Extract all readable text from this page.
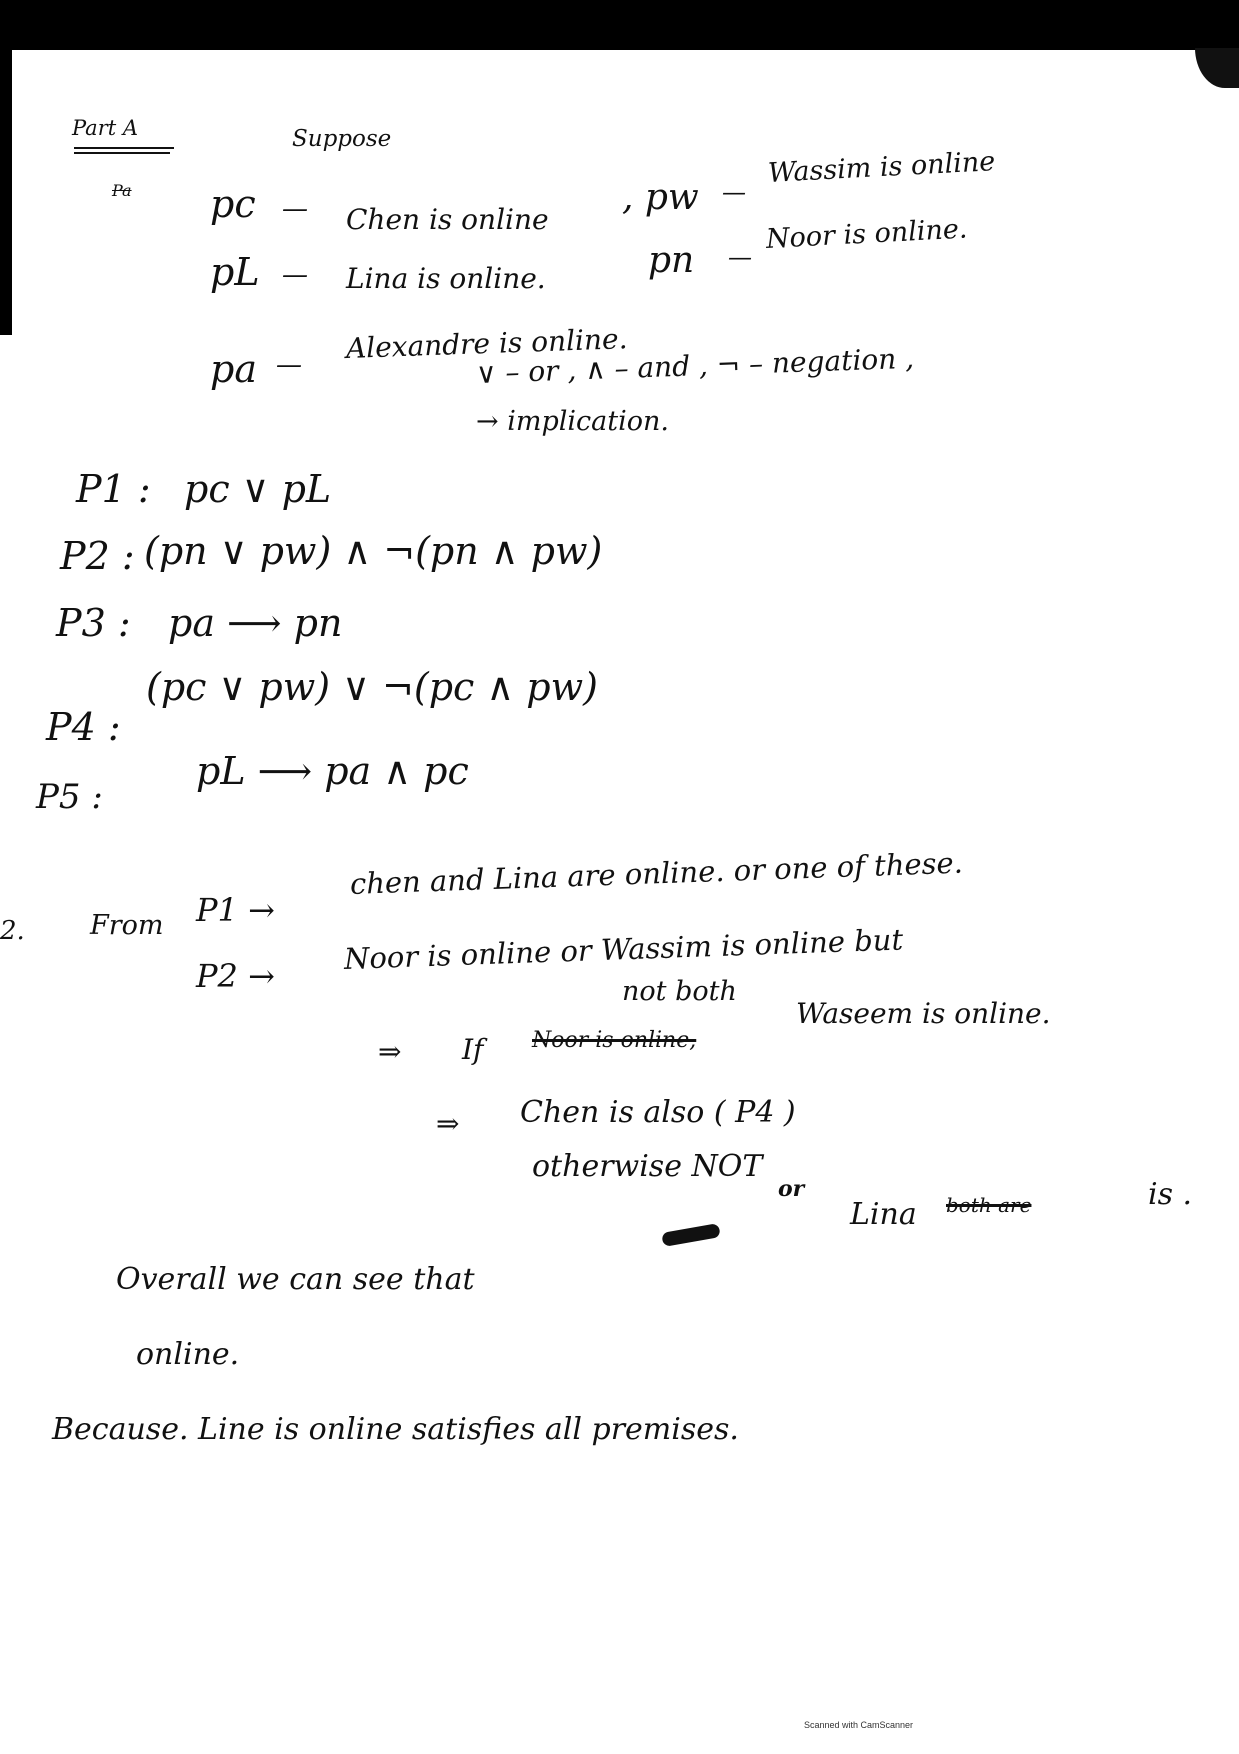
Part A	Suppose
Pa pc — Chen is online
, pw —
Wassim is online
pL — Lina is online.	pn —
Noor is online.
pa —
Alexandre is online.
∨ – or , ∧ – and , ¬ – negation ,
→ implication.
P1 : pc ∨ pL
P2 : (pn ∨ pw) ∧ ¬(pn ∧ pw)
P3 : pa ⟶ pn
P4 :
(pc ∨ pw) ∨ ¬(pc ∧ pw)
P5 :
pL ⟶ pa ∧ pc
2. From P1 →
chen and Lina are online. or one of these.
P2 →
Noor is online or Wassim is online but
not both
⇒ If Noor is online,
Waseem is online.
⇒ Chen is also ( P4 )
otherwise NOT
Overall we can see that
or
Lina both are	is .
online.
Because. Line is online satisfies all premises.
Scanned with CamScanner
